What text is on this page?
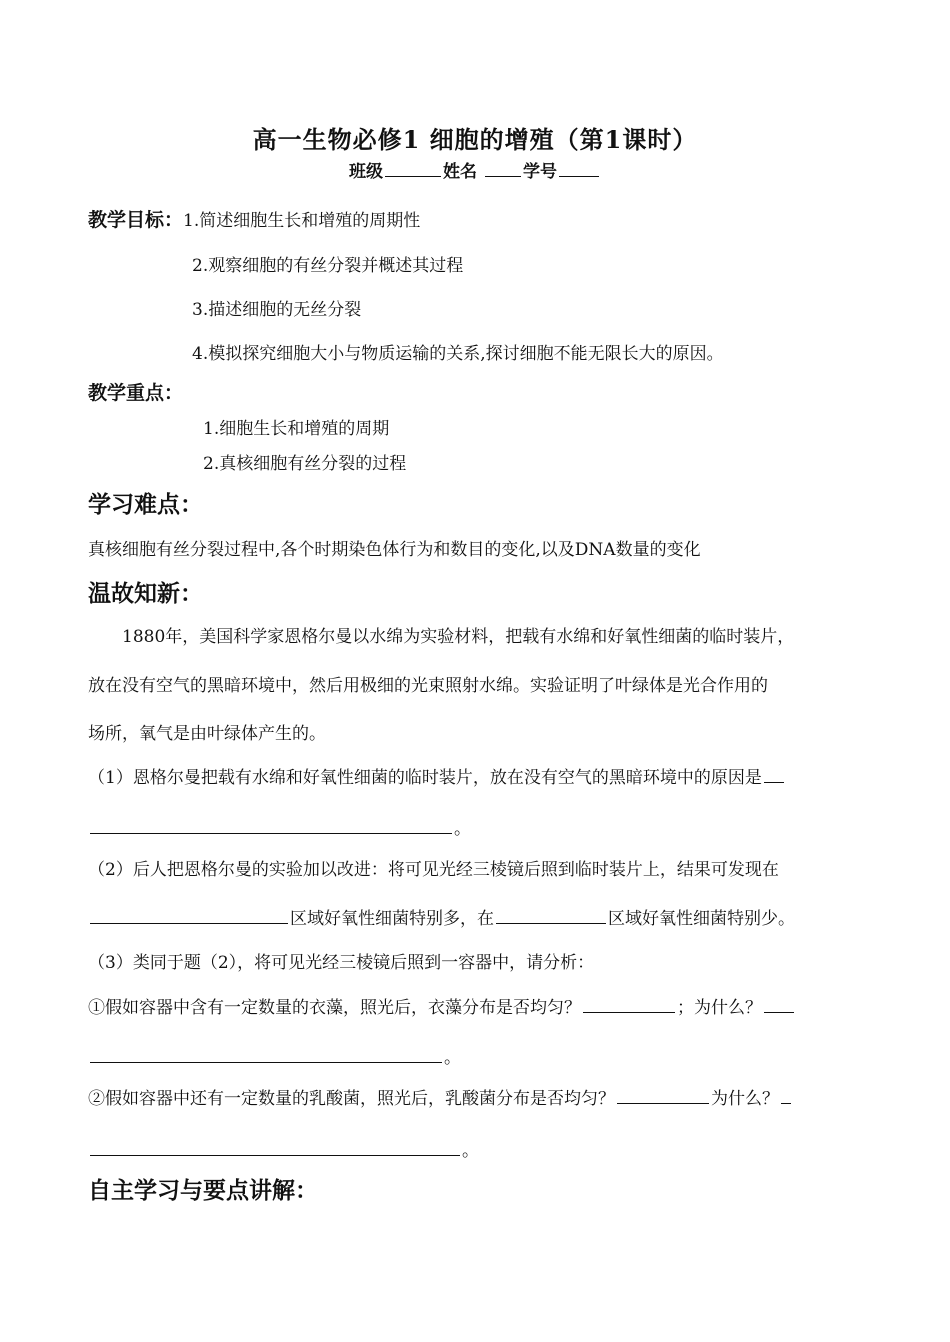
高一生物必修1 细胞的增殖（第1课时）
班级	姓名	学号
教学目标：1.简述细胞生长和增殖的周期性
2.观察细胞的有丝分裂并概述其过程
3.描述细胞的无丝分裂
4.模拟探究细胞大小与物质运输的关系,探讨细胞不能无限长大的原因。
教学重点：
1.细胞生长和增殖的周期
2.真核细胞有丝分裂的过程
学习难点：
真核细胞有丝分裂过程中,各个时期染色体行为和数目的变化,以及DNA数量的变化
温故知新：
1880年，美国科学家恩格尔曼以水绵为实验材料，把载有水绵和好氧性细菌的临时装片，
放在没有空气的黑暗环境中，然后用极细的光束照射水绵。实验证明了叶绿体是光合作用的
场所，氧气是由叶绿体产生的。
（1）恩格尔曼把载有水绵和好氧性细菌的临时装片，放在没有空气的黑暗环境中的原因是
。
（2）后人把恩格尔曼的实验加以改进：将可见光经三棱镜后照到临时装片上，结果可发现在
区域好氧性细菌特别多，在	区域好氧性细菌特别少。
（3）类同于题（2），将可见光经三棱镜后照到一容器中，请分析：
①假如容器中含有一定数量的衣藻，照光后，衣藻分布是否均匀？	；为什么？
。
②假如容器中还有一定数量的乳酸菌，照光后，乳酸菌分布是否均匀？	为什么？
。
自主学习与要点讲解：
